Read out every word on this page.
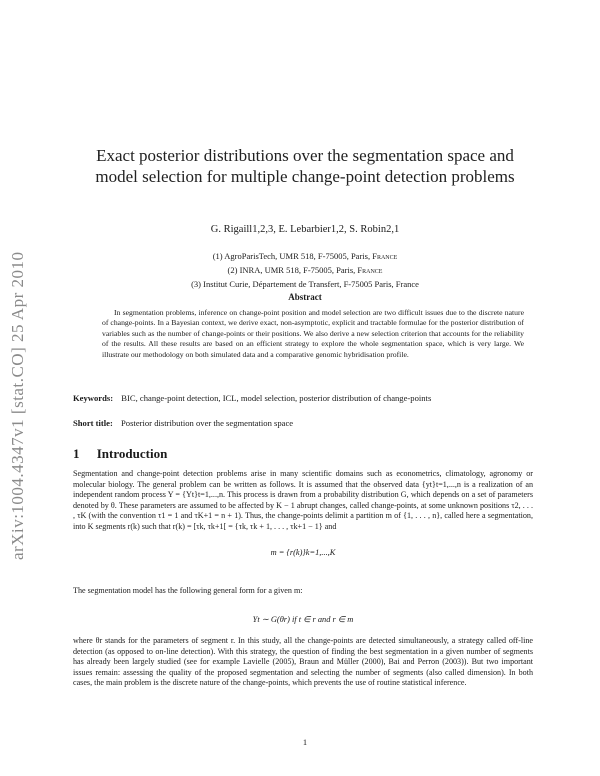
arXiv:1004.4347v1 [stat.CO] 25 Apr 2010
Exact posterior distributions over the segmentation space and
model selection for multiple change-point detection problems
G. Rigaill1,2,3, E. Lebarbier1,2, S. Robin2,1
(1) AgroParisTech, UMR 518, F-75005, Paris, France
(2) INRA, UMR 518, F-75005, Paris, France
(3) Institut Curie, Département de Transfert, F-75005 Paris, France
Abstract
In segmentation problems, inference on change-point position and model selection are two difficult issues due to the discrete nature of change-points. In a Bayesian context, we derive exact, non-asymptotic, explicit and tractable formulae for the posterior distribution of variables such as the number of change-points or their positions. We also derive a new selection criterion that accounts for the reliability of the results. All these results are based on an efficient strategy to explore the whole segmentation space, which is very large. We illustrate our methodology on both simulated data and a comparative genomic hybridisation profile.
Keywords: BIC, change-point detection, ICL, model selection, posterior distribution of change-points
Short title: Posterior distribution over the segmentation space
1 Introduction
Segmentation and change-point detection problems arise in many scientific domains such as econometrics, climatology, agronomy or molecular biology. The general problem can be written as follows. It is assumed that the observed data {yt}t=1,...,n is a realization of an independent random process Y = {Yt}t=1,...,n. This process is drawn from a probability distribution G, which depends on a set of parameters denoted by θ. These parameters are assumed to be affected by K − 1 abrupt changes, called change-points, at some unknown positions τ2, . . . , τK (with the convention τ1 = 1 and τK+1 = n + 1). Thus, the change-points delimit a partition m of {1, . . . , n}, called here a segmentation, into K segments r(k) such that r(k) = [τk, τk+1[ = {τk, τk + 1, . . . , τk+1 − 1} and
m = {r(k)}k=1,...,K
The segmentation model has the following general form for a given m:
Yt ∼ G(θr) if t ∈ r and r ∈ m
where θr stands for the parameters of segment r. In this study, all the change-points are detected simultaneously, a strategy called off-line detection (as opposed to on-line detection). With this strategy, the question of finding the best segmentation in a given number of segments has already been largely studied (see for example Lavielle (2005), Braun and Müller (2000), Bai and Perron (2003)). But two important issues remain: assessing the quality of the proposed segmentation and selecting the number of segments (also called dimension). In both cases, the main problem is the discrete nature of the change-points, which prevents the use of routine statistical inference.
1
